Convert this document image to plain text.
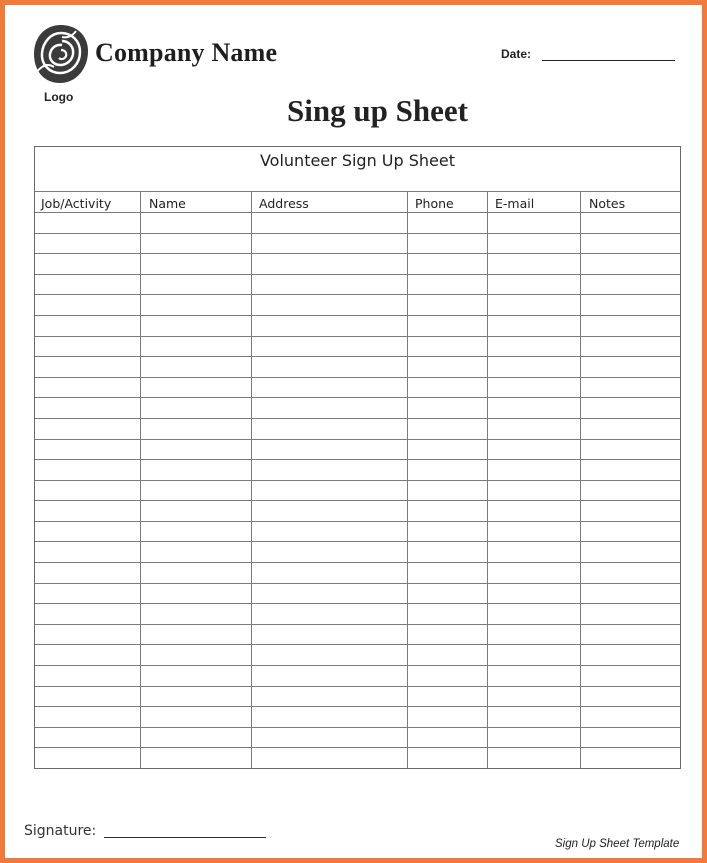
Logo
Company Name	Date:
Sing up Sheet
Volunteer Sign Up Sheet
Job/Activity	Name	Address	Phone	E-mail	Notes
Signature:
Sign Up Sheet Template
